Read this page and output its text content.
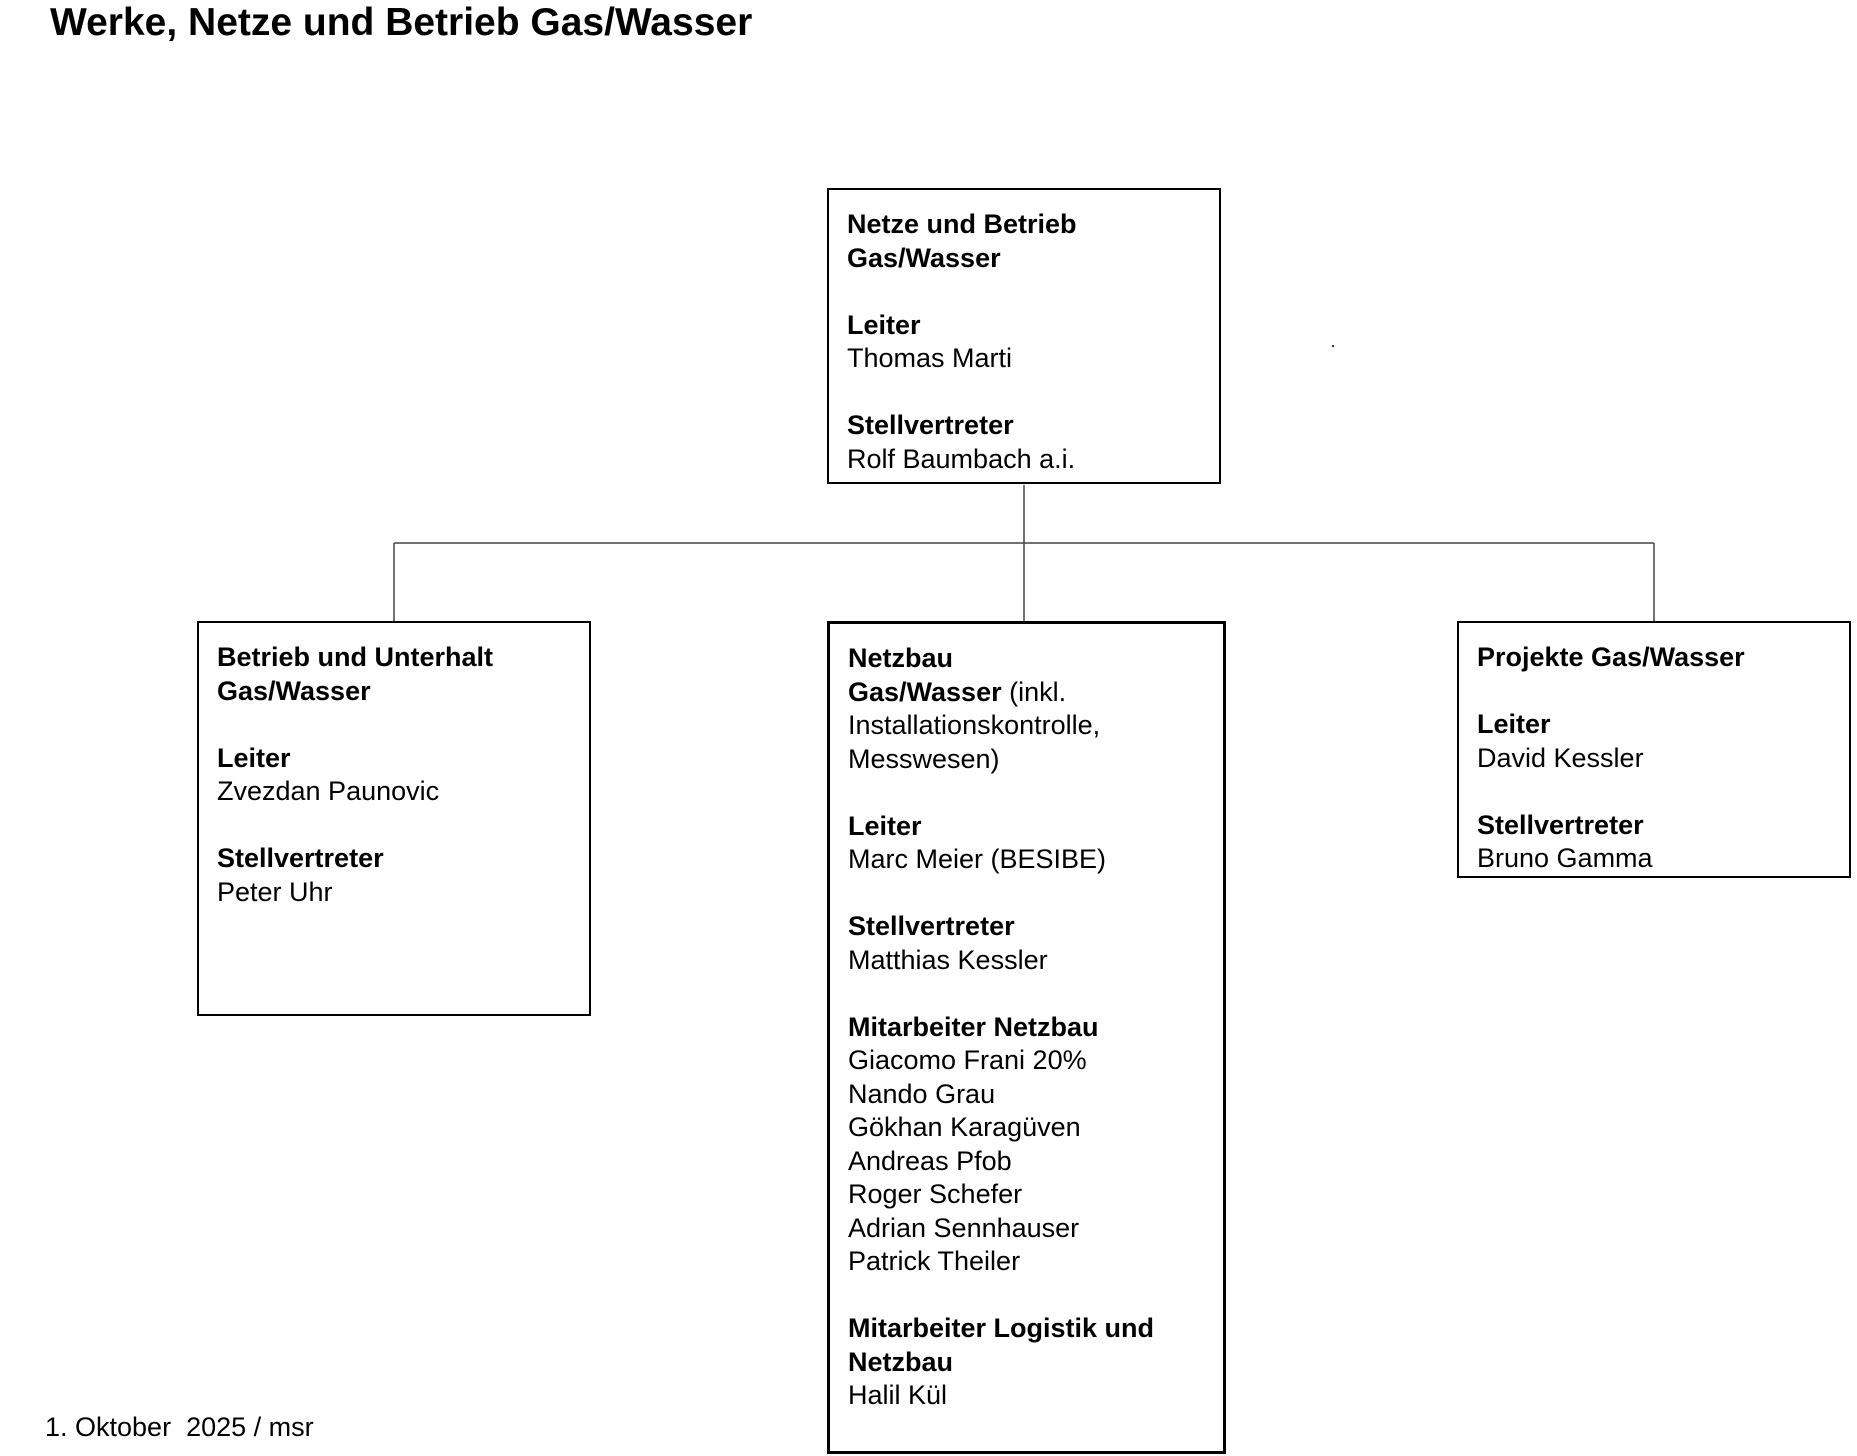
Werke, Netze und Betrieb Gas/Wasser
Netze und Betrieb
Gas/Wasser
Leiter
Thomas Marti
Stellvertreter
Rolf Baumbach a.i.
Betrieb und Unterhalt
Gas/Wasser
Leiter
Zvezdan Paunovic
Stellvertreter
Peter Uhr
Netzbau
Gas/Wasser (inkl.
Installationskontrolle,
Messwesen)
Leiter
Marc Meier (BESIBE)
Stellvertreter
Matthias Kessler
Mitarbeiter Netzbau
Giacomo Frani 20%
Nando Grau
Gökhan Karagüven
Andreas Pfob
Roger Schefer
Adrian Sennhauser
Patrick Theiler
Mitarbeiter Logistik und
Netzbau
Halil Kül
Projekte Gas/Wasser
Leiter
David Kessler
Stellvertreter
Bruno Gamma
1. Oktober  2025 / msr
